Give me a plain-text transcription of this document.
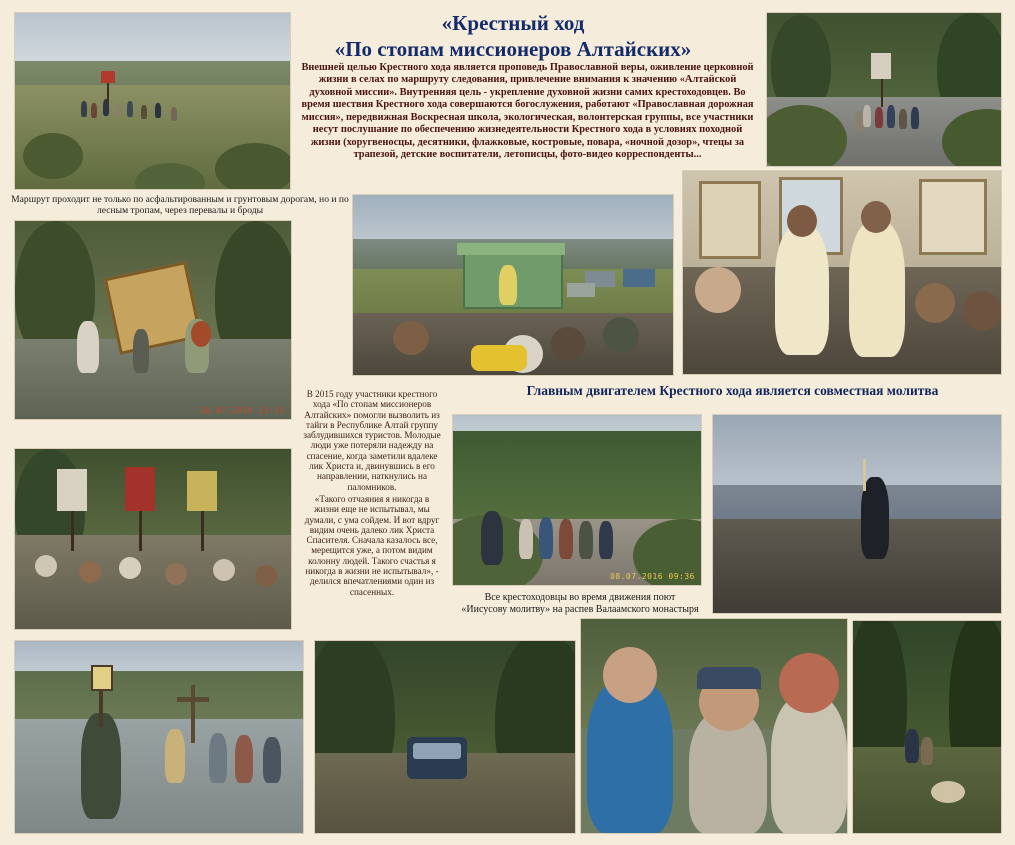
«Крестный ход
«По стопам миссионеров Алтайских»
Внешней целью Крестного хода является проповедь Православной веры, оживление церковной жизни в селах по маршруту следования, привлечение внимания к значению «Алтайской духовной миссии». Внутренняя цель - укрепление духовной жизни самих крестоходовцев. Во время шествия Крестного хода совершаются богослужения, работают «Православная дорожная миссия», передвижная Воскресная школа, экологическая, волонтерская группы, все участники несут послушание по обеспечению жизнедеятельности Крестного хода в условиях походной жизни (хоругвеносцы, десятники, флажковые, костровые, повара, «ночной дозор», чтецы за трапезой, детские воспитатели, летописцы, фото-видео корреспонденты...
Маршрут проходит не только по асфальтированным и грунтовым дорогам, но и по лесным тропам, через перевалы и броды
26.07.2016 13:15
Главным двигателем Крестного хода является совместная молитва
В 2015 году участники крестного хода «По стопам миссионеров Алтайских» помогли вызволить из тайги в Республике Алтай группу заблудившихся туристов. Молодые люди уже потеряли надежду на спасение, когда заметили вдалеке лик Христа и, двинувшись в его направлении, наткнулись на паломников.
«Такого отчаяния я никогда в жизни еще не испытывал, мы думали, с ума сойдем. И вот вдруг видим очень далеко лик Христа Спасителя. Сначала казалось все, мерещится уже, а потом видим колонну людей. Такого счастья я никогда в жизни не испытывал», - делился впечатлениями один из спасенных.
08.07.2016 09:36
Все крестоходовцы во время движения поют
«Иисусову молитву» на распев Валаамского монастыря
